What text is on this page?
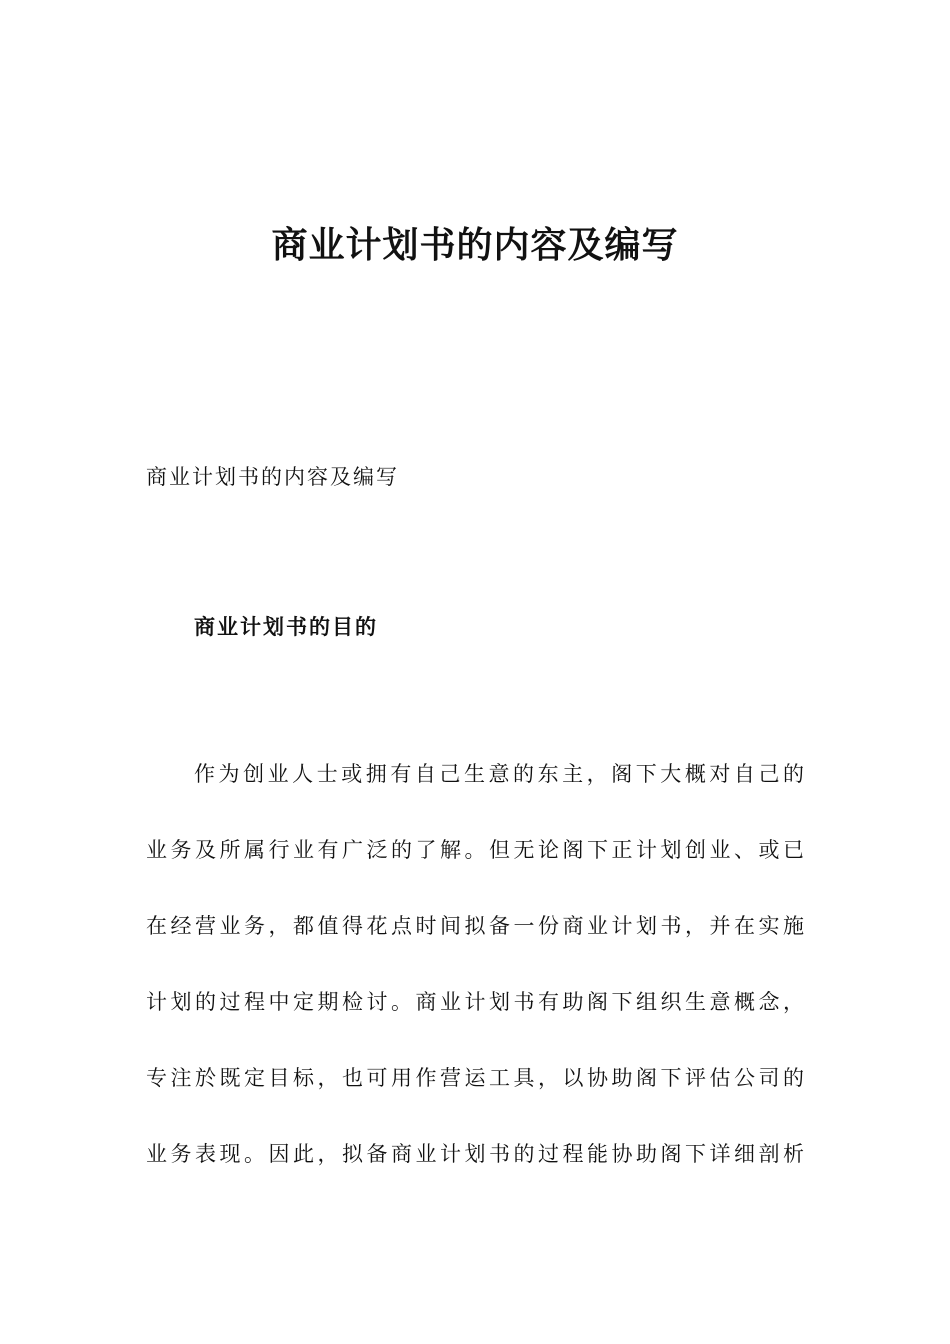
商业计划书的内容及编写

商业计划书的内容及编写

商业计划书的目的
作为创业人士或拥有自己生意的东主，阁下大概对自己的
业务及所属行业有广泛的了解。但无论阁下正计划创业、或已
在经营业务，都值得花点时间拟备一份商业计划书，并在实施
计划的过程中定期检讨。商业计划书有助阁下组织生意概念，
专注於既定目标，也可用作营运工具，以协助阁下评估公司的
业务表现。因此，拟备商业计划书的过程能协助阁下详细剖析
